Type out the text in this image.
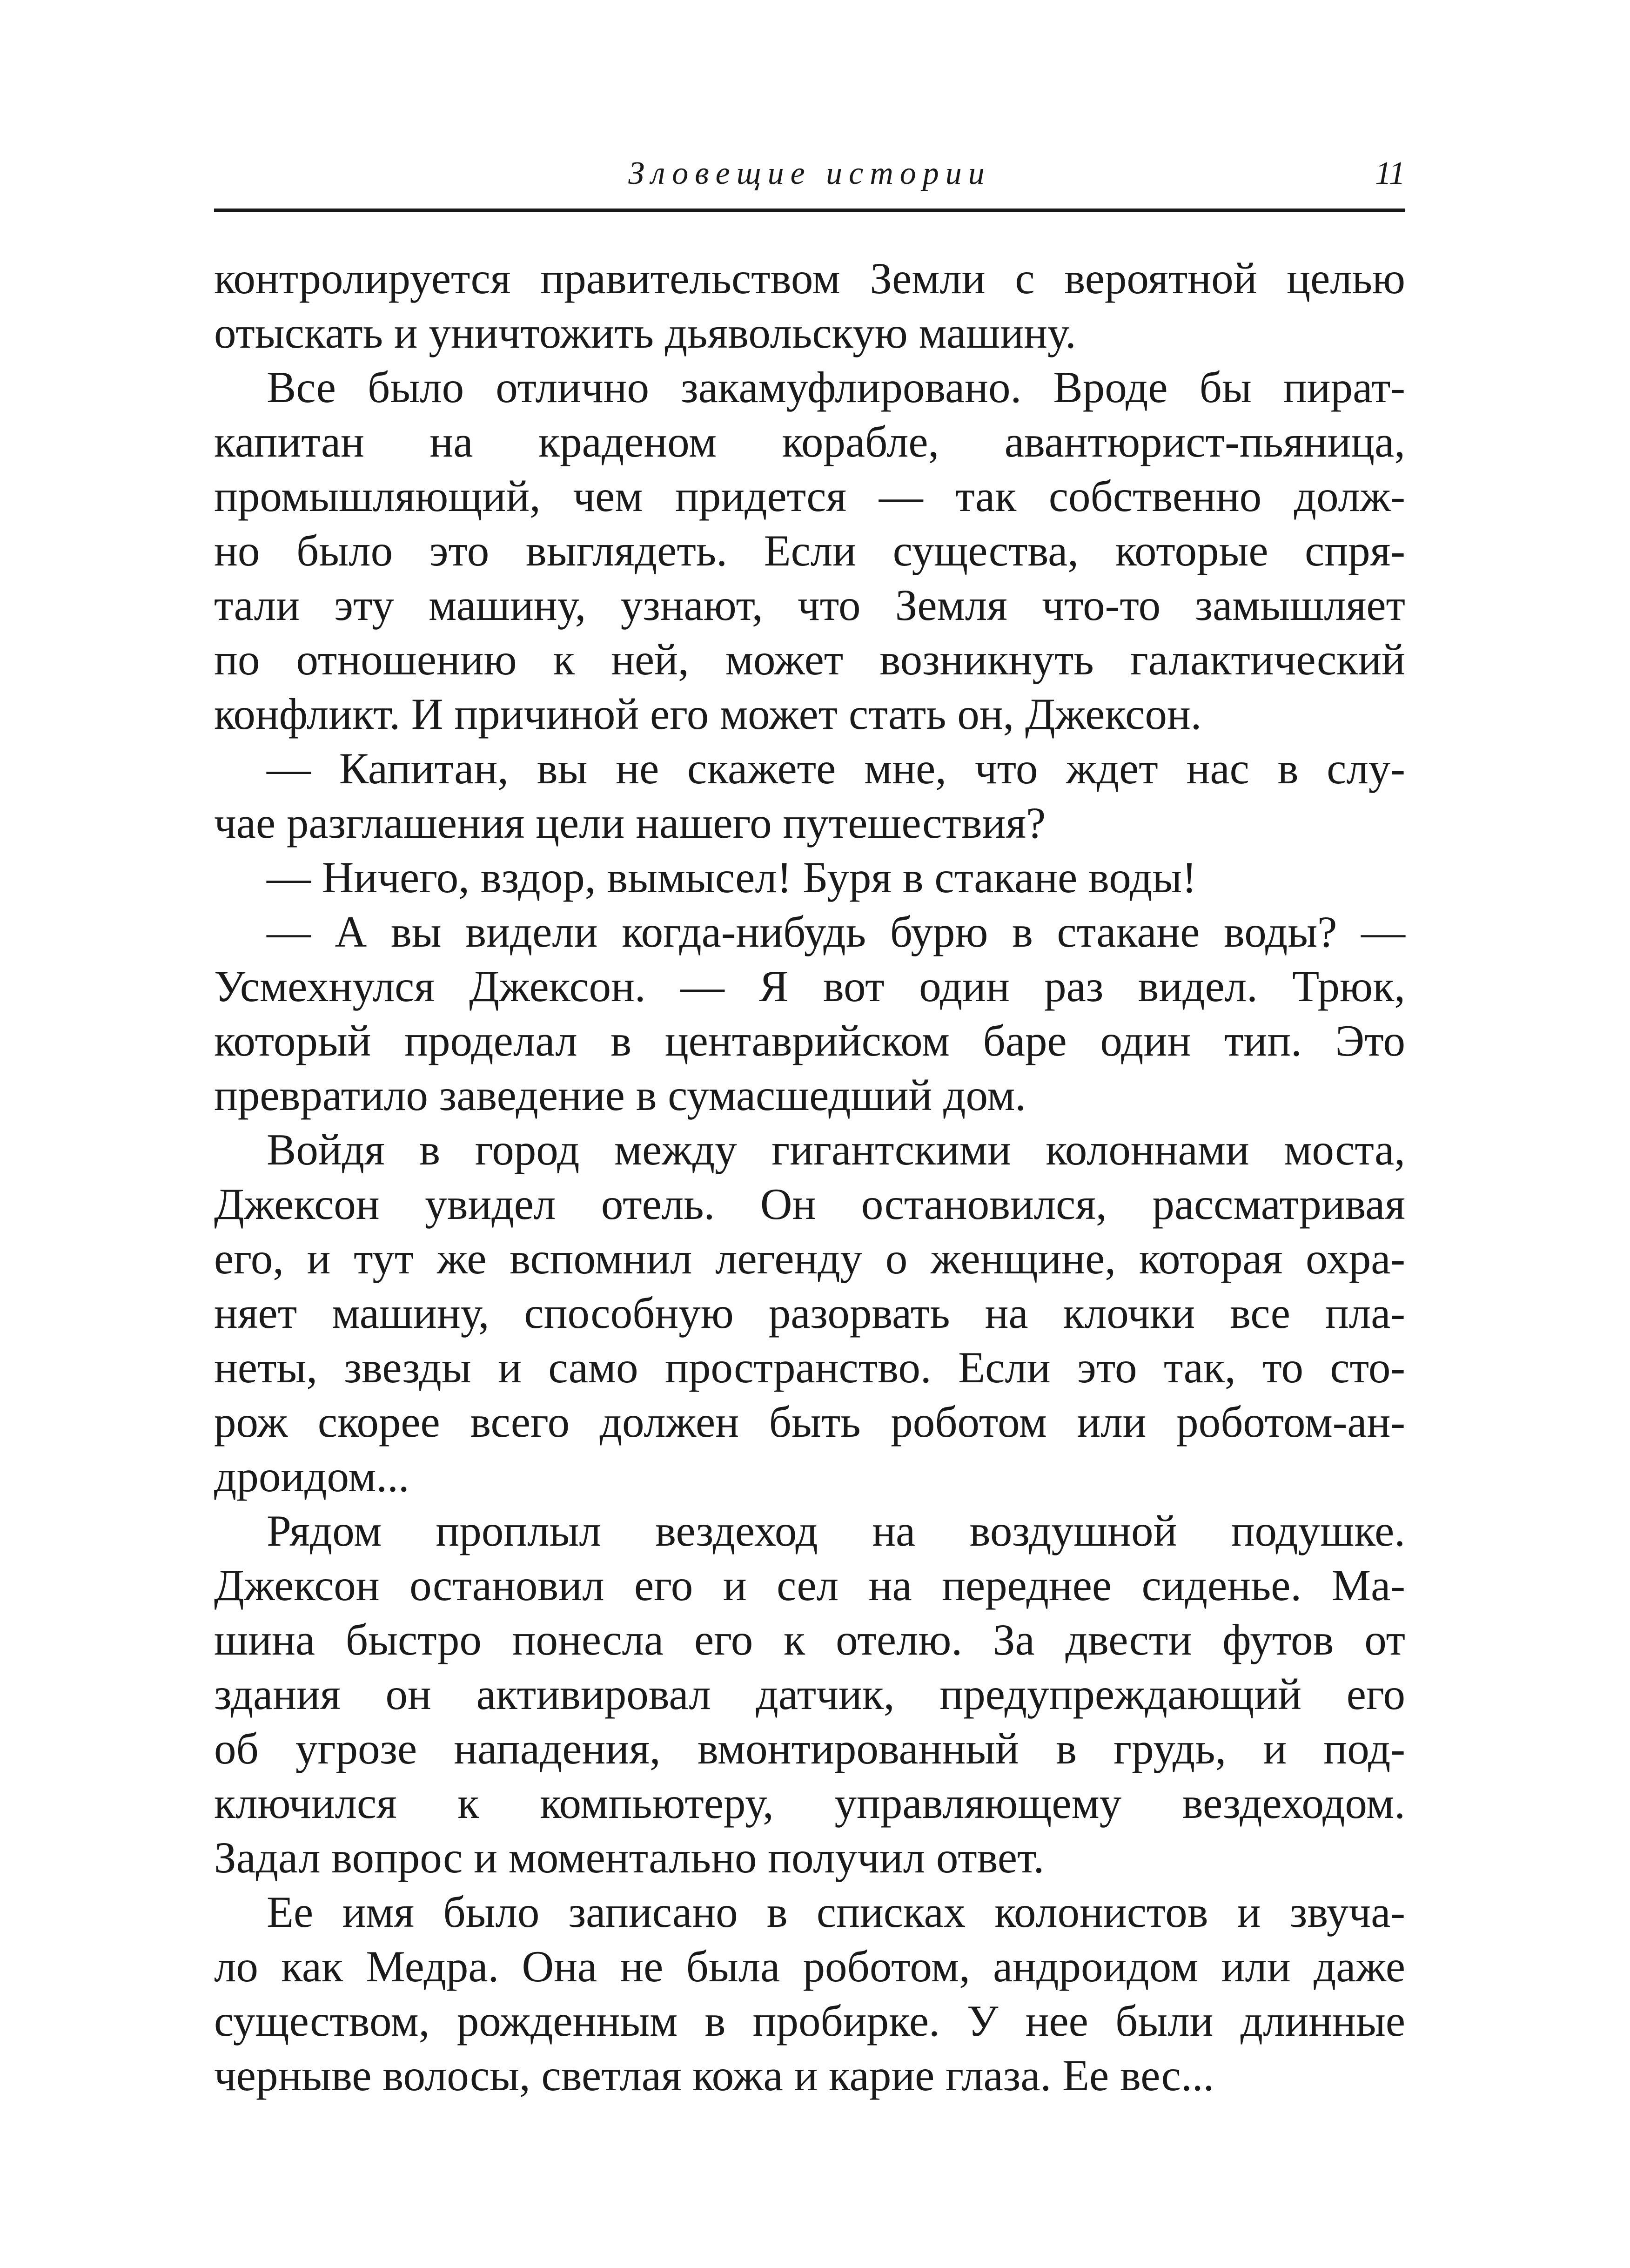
Зловещие истории	11
контролируется правительством Земли с вероятной целью
отыскать и уничтожить дьявольскую машину.
Все было отлично закамуфлировано. Вроде бы пират-
капитан на краденом корабле, авантюрист-пьяница,
промышляющий, чем придется — так собственно долж-
но было это выглядеть. Если существа, которые спря-
тали эту машину, узнают, что Земля что-то замышляет
по отношению к ней, может возникнуть галактический
конфликт. И причиной его может стать он, Джексон.
— Капитан, вы не скажете мне, что ждет нас в слу-
чае разглашения цели нашего путешествия?
— Ничего, вздор, вымысел! Буря в стакане воды!
— А вы видели когда-нибудь бурю в стакане воды? —
Усмехнулся Джексон. — Я вот один раз видел. Трюк,
который проделал в центаврийском баре один тип. Это
превратило заведение в сумасшедший дом.
Войдя в город между гигантскими колоннами моста,
Джексон увидел отель. Он остановился, рассматривая
его, и тут же вспомнил легенду о женщине, которая охра-
няет машину, способную разорвать на клочки все пла-
неты, звезды и само пространство. Если это так, то сто-
рож скорее всего должен быть роботом или роботом-ан-
дроидом...
Рядом проплыл вездеход на воздушной подушке.
Джексон остановил его и сел на переднее сиденье. Ма-
шина быстро понесла его к отелю. За двести футов от
здания он активировал датчик, предупреждающий его
об угрозе нападения, вмонтированный в грудь, и под-
ключился к компьютеру, управляющему вездеходом.
Задал вопрос и моментально получил ответ.
Ее имя было записано в списках колонистов и звуча-
ло как Медра. Она не была роботом, андроидом или даже
существом, рожденным в пробирке. У нее были длинные
черныве волосы, светлая кожа и карие глаза. Ее вес...
